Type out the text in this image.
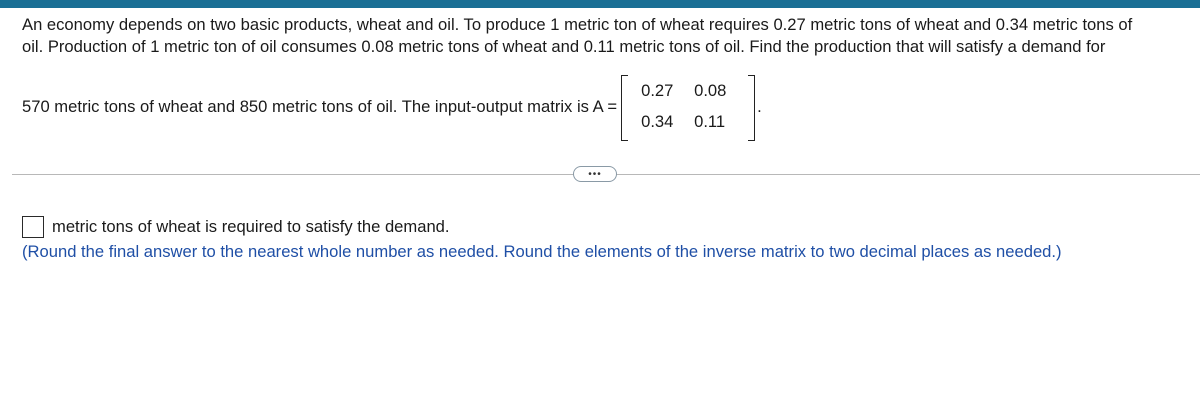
An economy depends on two basic products, wheat and oil. To produce 1 metric ton of wheat requires 0.27 metric tons of wheat and 0.34 metric tons of
oil. Production of 1 metric ton of oil consumes 0.08 metric tons of wheat and 0.11 metric tons of oil. Find the production that will satisfy a demand for
570 metric tons of wheat and 850 metric tons of oil. The input-output matrix is A =
0.27 0.08
0.34 0.11
.
•••
metric tons of wheat is required to satisfy the demand.
(Round the final answer to the nearest whole number as needed. Round the elements of the inverse matrix to two decimal places as needed.)
